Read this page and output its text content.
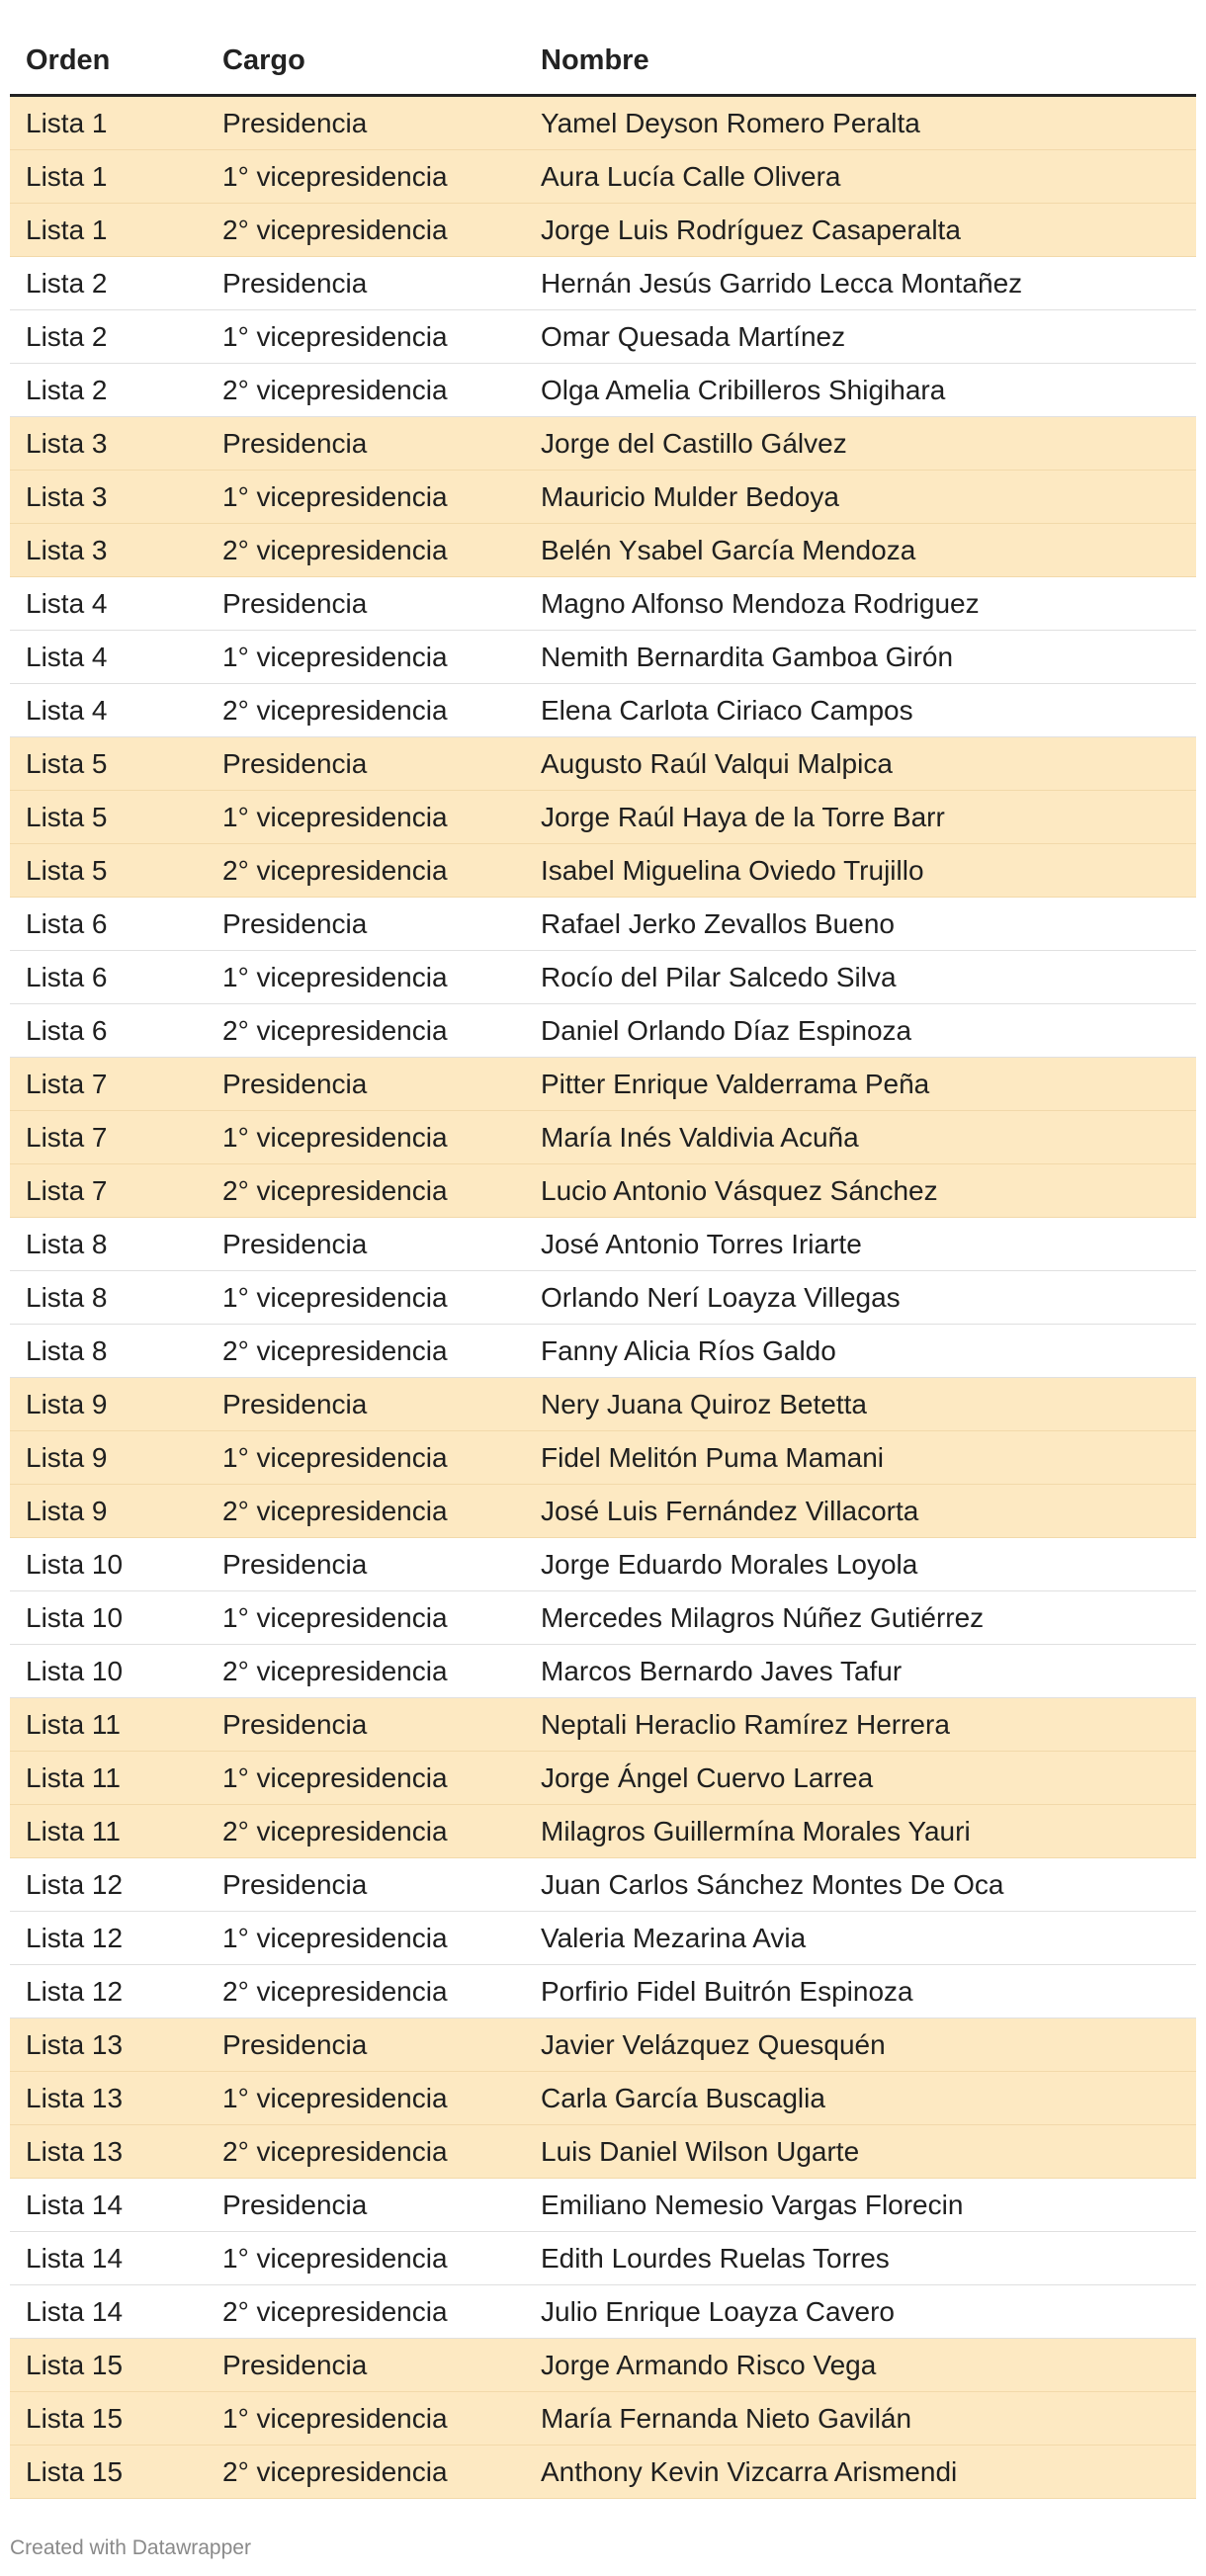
Orden	Cargo	Nombre
Lista 1	Presidencia	Yamel Deyson Romero Peralta
Lista 1	1° vicepresidencia	Aura Lucía Calle Olivera
Lista 1	2° vicepresidencia	Jorge Luis Rodríguez Casaperalta
Lista 2	Presidencia	Hernán Jesús Garrido Lecca Montañez
Lista 2	1° vicepresidencia	Omar Quesada Martínez
Lista 2	2° vicepresidencia	Olga Amelia Cribilleros Shigihara
Lista 3	Presidencia	Jorge del Castillo Gálvez
Lista 3	1° vicepresidencia	Mauricio Mulder Bedoya
Lista 3	2° vicepresidencia	Belén Ysabel García Mendoza
Lista 4	Presidencia	Magno Alfonso Mendoza Rodriguez
Lista 4	1° vicepresidencia	Nemith Bernardita Gamboa Girón
Lista 4	2° vicepresidencia	Elena Carlota Ciriaco Campos
Lista 5	Presidencia	Augusto Raúl Valqui Malpica
Lista 5	1° vicepresidencia	Jorge Raúl Haya de la Torre Barr
Lista 5	2° vicepresidencia	Isabel Miguelina Oviedo Trujillo
Lista 6	Presidencia	Rafael Jerko Zevallos Bueno
Lista 6	1° vicepresidencia	Rocío del Pilar Salcedo Silva
Lista 6	2° vicepresidencia	Daniel Orlando Díaz Espinoza
Lista 7	Presidencia	Pitter Enrique Valderrama Peña
Lista 7	1° vicepresidencia	María Inés Valdivia Acuña
Lista 7	2° vicepresidencia	Lucio Antonio Vásquez Sánchez
Lista 8	Presidencia	José Antonio Torres Iriarte
Lista 8	1° vicepresidencia	Orlando Nerí Loayza Villegas
Lista 8	2° vicepresidencia	Fanny Alicia Ríos Galdo
Lista 9	Presidencia	Nery Juana Quiroz Betetta
Lista 9	1° vicepresidencia	Fidel Melitón Puma Mamani
Lista 9	2° vicepresidencia	José Luis Fernández Villacorta
Lista 10	Presidencia	Jorge Eduardo Morales Loyola
Lista 10	1° vicepresidencia	Mercedes Milagros Núñez Gutiérrez
Lista 10	2° vicepresidencia	Marcos Bernardo Javes Tafur
Lista 11	Presidencia	Neptali Heraclio Ramírez Herrera
Lista 11	1° vicepresidencia	Jorge Ángel Cuervo Larrea
Lista 11	2° vicepresidencia	Milagros Guillermína Morales Yauri
Lista 12	Presidencia	Juan Carlos Sánchez Montes De Oca
Lista 12	1° vicepresidencia	Valeria Mezarina Avia
Lista 12	2° vicepresidencia	Porfirio Fidel Buitrón Espinoza
Lista 13	Presidencia	Javier Velázquez Quesquén
Lista 13	1° vicepresidencia	Carla García Buscaglia
Lista 13	2° vicepresidencia	Luis Daniel Wilson Ugarte
Lista 14	Presidencia	Emiliano Nemesio Vargas Florecin
Lista 14	1° vicepresidencia	Edith Lourdes Ruelas Torres
Lista 14	2° vicepresidencia	Julio Enrique Loayza Cavero
Lista 15	Presidencia	Jorge Armando Risco Vega
Lista 15	1° vicepresidencia	María Fernanda Nieto Gavilán
Lista 15	2° vicepresidencia	Anthony Kevin Vizcarra Arismendi
Created with Datawrapper
